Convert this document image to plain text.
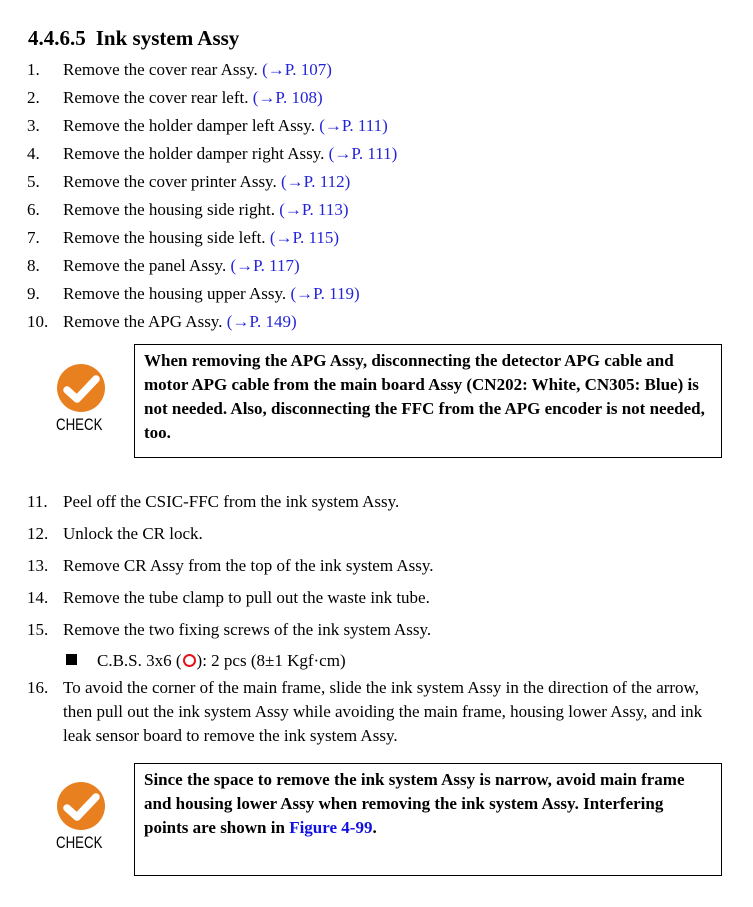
4.4.6.5 Ink system Assy
1. Remove the cover rear Assy. (→P. 107)
2. Remove the cover rear left. (→P. 108)
3. Remove the holder damper left Assy. (→P. 111)
4. Remove the holder damper right Assy. (→P. 111)
5. Remove the cover printer Assy. (→P. 112)
6. Remove the housing side right. (→P. 113)
7. Remove the housing side left. (→P. 115)
8. Remove the panel Assy. (→P. 117)
9. Remove the housing upper Assy. (→P. 119)
10. Remove the APG Assy. (→P. 149)
CHECK
When removing the APG Assy, disconnecting the detector APG cable and motor APG cable from the main board Assy (CN202: White, CN305: Blue) is not needed. Also, disconnecting the FFC from the APG encoder is not needed, too.
11. Peel off the CSIC-FFC from the ink system Assy.
12. Unlock the CR lock.
13. Remove CR Assy from the top of the ink system Assy.
14. Remove the tube clamp to pull out the waste ink tube.
15. Remove the two fixing screws of the ink system Assy.
C.B.S. 3x6 ( ): 2 pcs (8±1 Kgf·cm)
16. To avoid the corner of the main frame, slide the ink system Assy in the direction of the arrow, then pull out the ink system Assy while avoiding the main frame, housing lower Assy, and ink leak sensor board to remove the ink system Assy.
CHECK
Since the space to remove the ink system Assy is narrow, avoid main frame and housing lower Assy when removing the ink system Assy. Interfering points are shown in Figure 4-99.
